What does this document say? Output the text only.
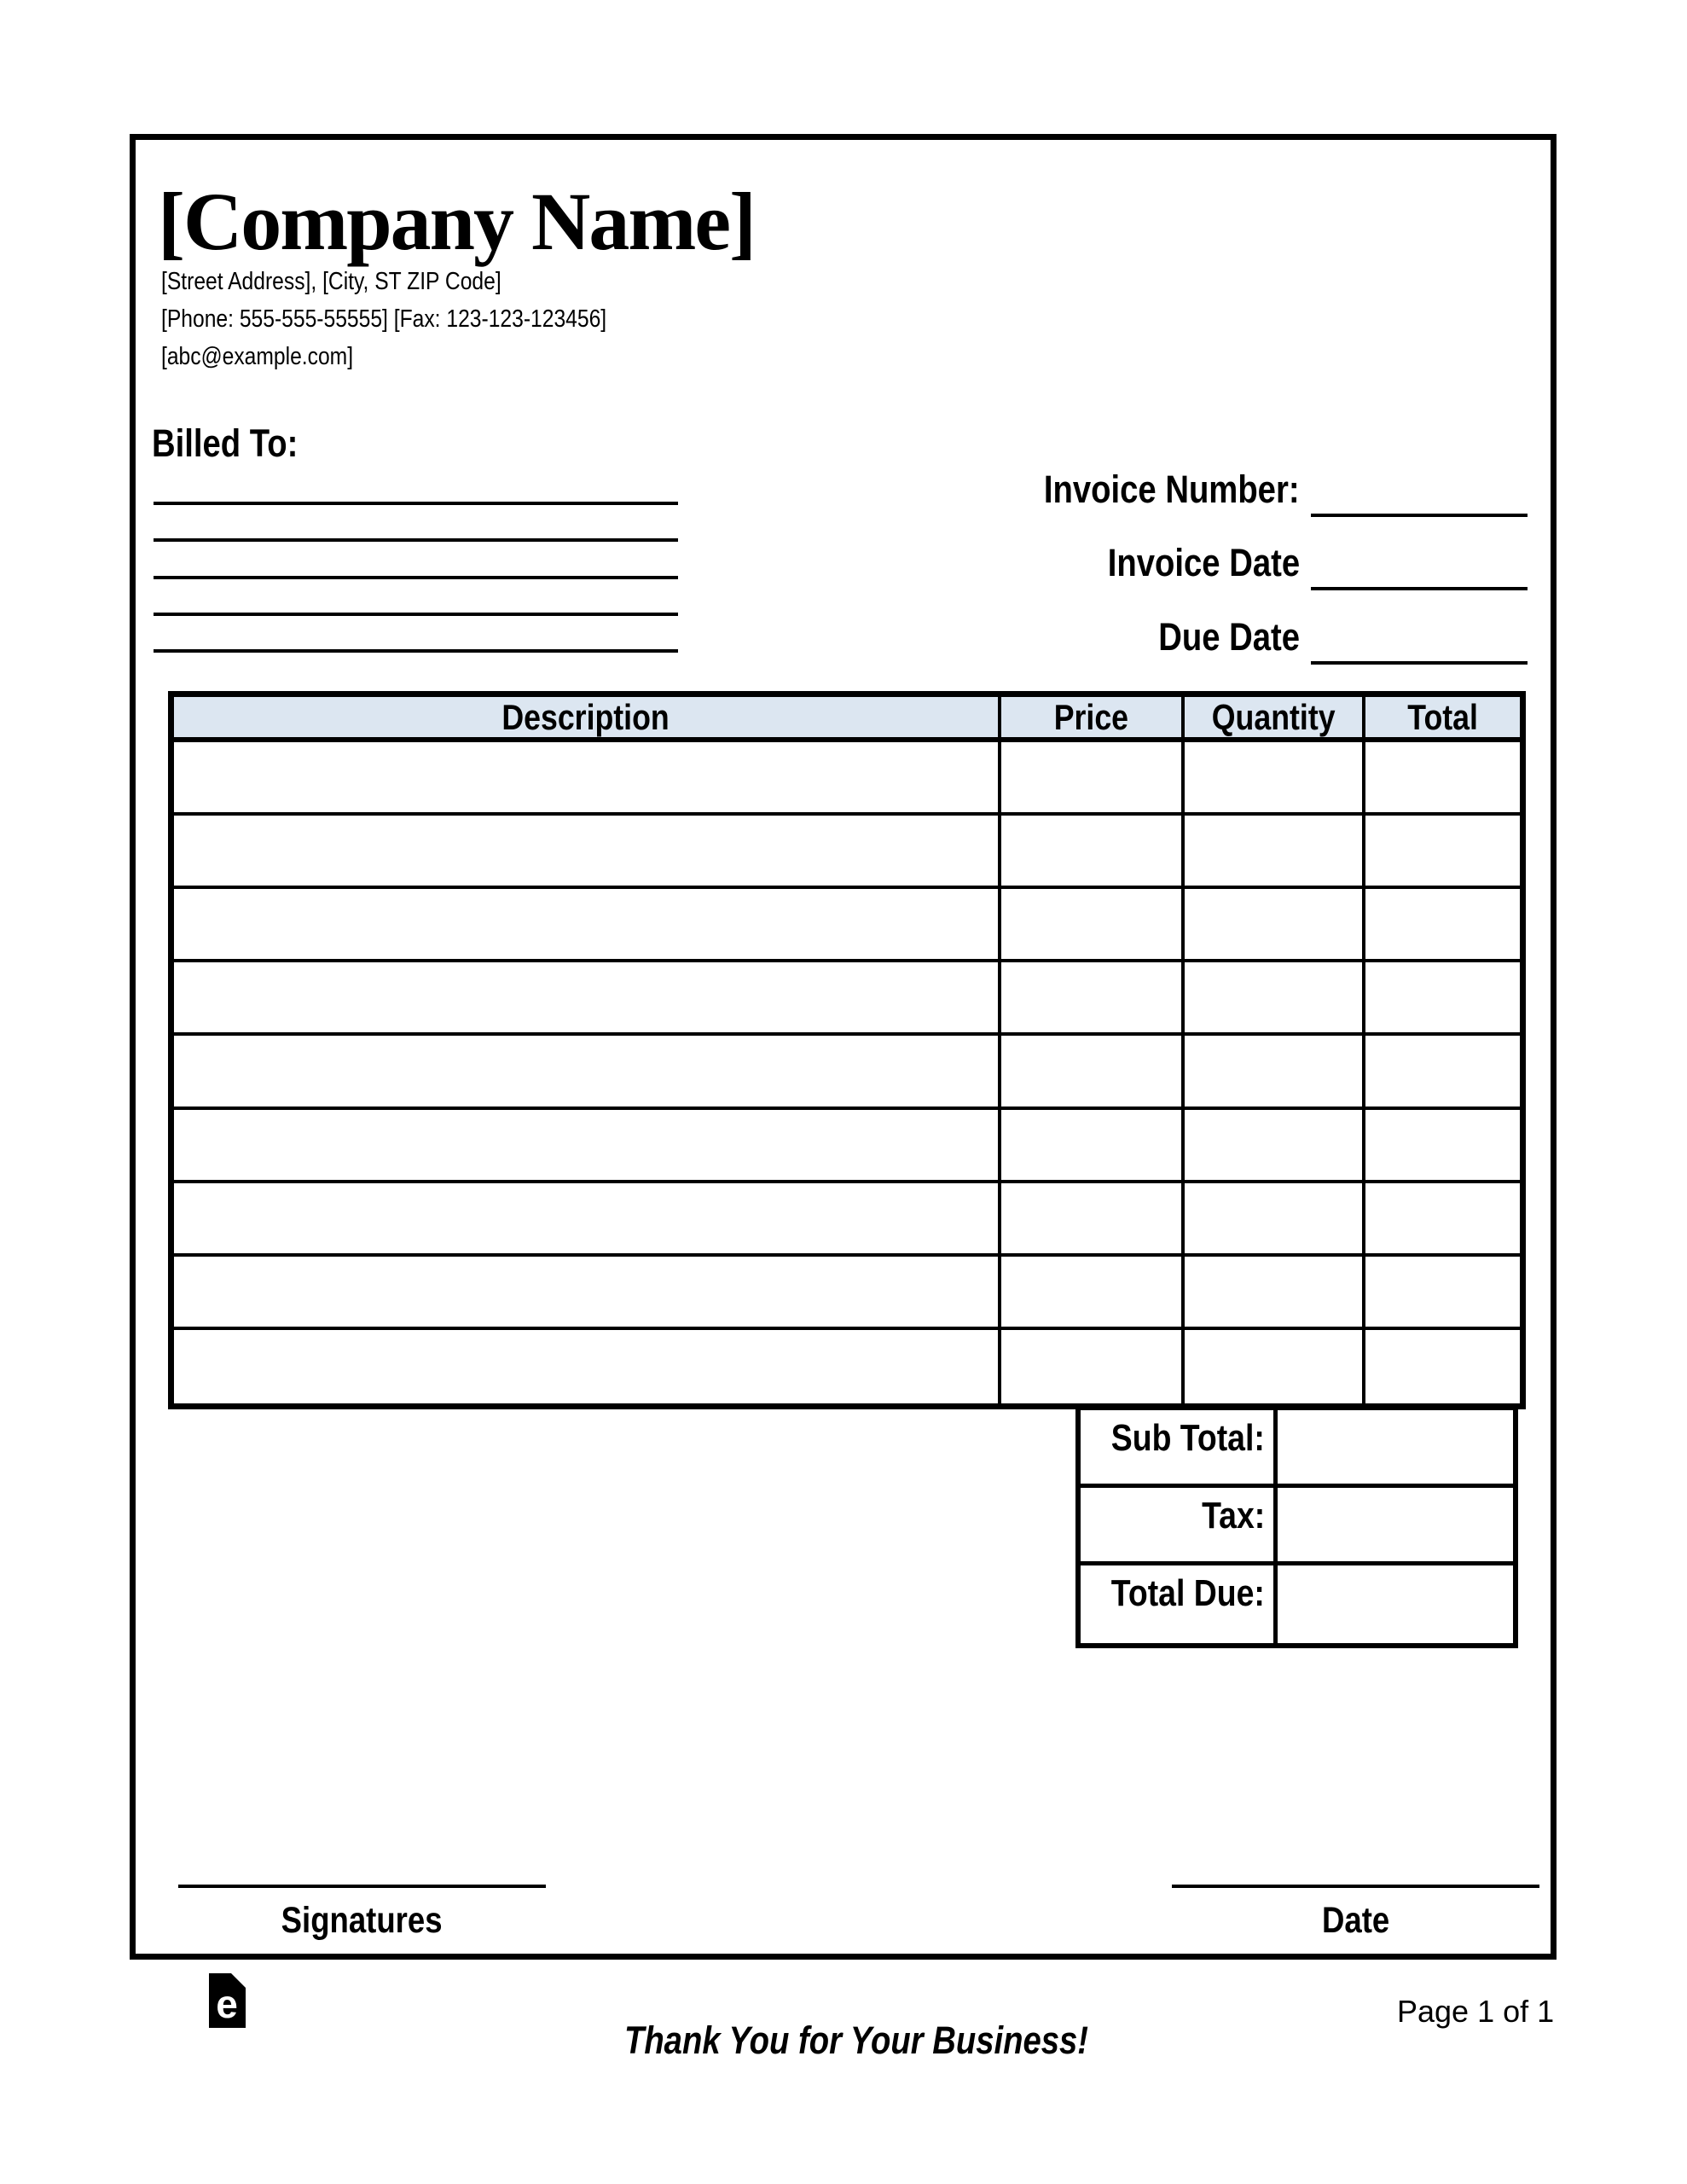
[Company Name]
[Street Address], [City, ST ZIP Code]
[Phone: 555-555-55555] [Fax: 123-123-123456]
[abc@example.com]
Billed To:
Invoice Number:
Invoice Date
Due Date
Description	Price Quantity Total
Sub Total:
Tax:
Total Due:
Signatures	Date
e
Thank You for Your Business!
Page 1 of 1
